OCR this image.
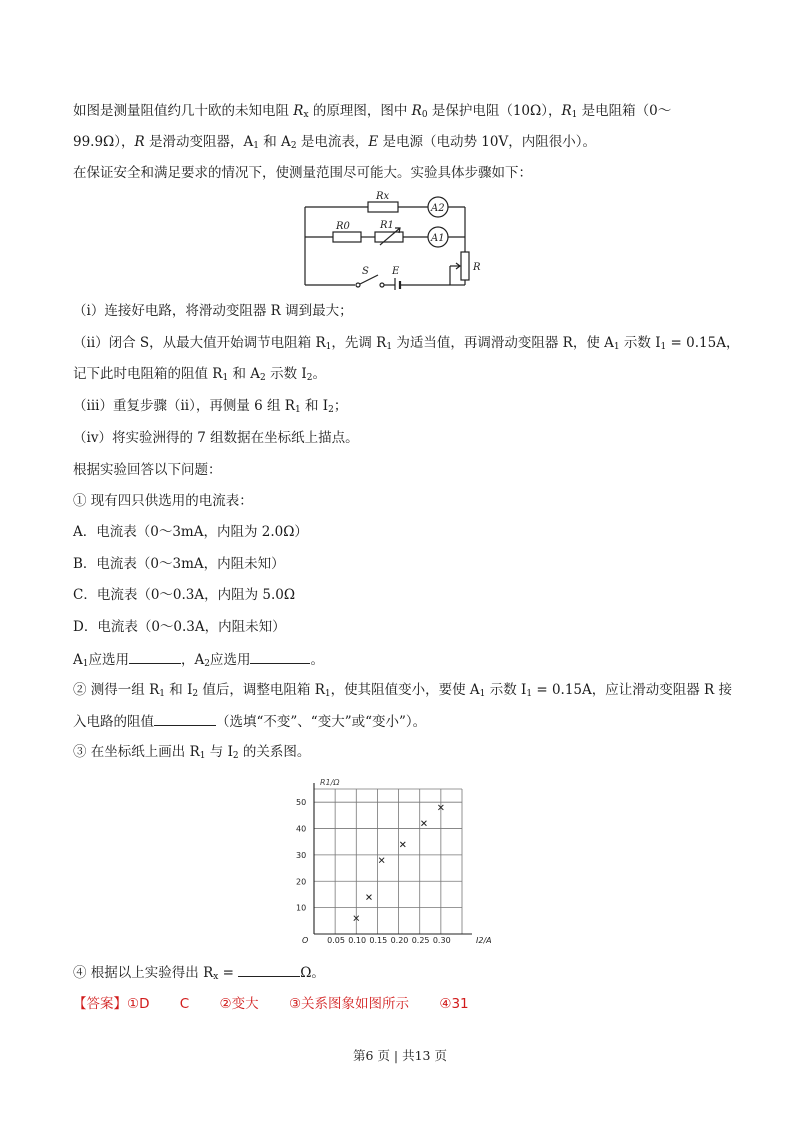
如图是测量阻值约几十欧的未知电阻 $R_x$ 的原理图，图中 $R_0$ 是保护电阻（10Ω），$R_1$ 是电阻箱（0～
99.9Ω），R 是滑动变阻器，$A_1$ 和 $A_2$ 是电流表，E 是电源（电动势 10V，内阻很小）。
在保证安全和满足要求的情况下，使测量范围尽可能大。实验具体步骤如下：
Rx
R0	R1
A2
A1
R
S E
（i）连接好电路，将滑动变阻器 R 调到最大；
（ii）闭合 S，从最大值开始调节电阻箱 $R_1$，先调 $R_1$ 为适当值，再调滑动变阻器 R，使 $A_1$ 示数 $I_1 = 0.15A$，
记下此时电阻箱的阻值 $R_1$ 和 $A_2$ 示数 $I_2$。
（iii）重复步骤（ii），再侧量 6 组 $R_1$ 和 $I_2$；
（iv）将实验洲得的 7 组数据在坐标纸上描点。
根据实验回答以下问题：
① 现有四只供选用的电流表：
A．电流表（0～3mA，内阻为 2.0Ω）
B．电流表（0～3mA，内阻未知）
C．电流表（0～0.3A，内阻为 5.0Ω
D．电流表（0～0.3A，内阻未知）
$A_1$应选用	，$A_2$应选用	。
② 测得一组 $R_1$ 和 $I_2$ 值后，调整电阻箱 $R_1$，使其阻值变小，要使 $A_1$ 示数 $I_1 = 0.15A$，应让滑动变阻器 R 接
入电路的阻值	（选填“不变”、“变大”或“变小”）。
③ 在坐标纸上画出 $R_1$ 与 $I_2$ 的关系图。
0.05 0.10 0.15 0.20 0.25 0.30
10
20
30
40
50
R1/Ω
I2/A
O
④ 根据以上实验得出 $R_x$ =	Ω。
【答案】①D C ②变大 ③关系图象如图所示 ④31
第6 页 | 共13 页
